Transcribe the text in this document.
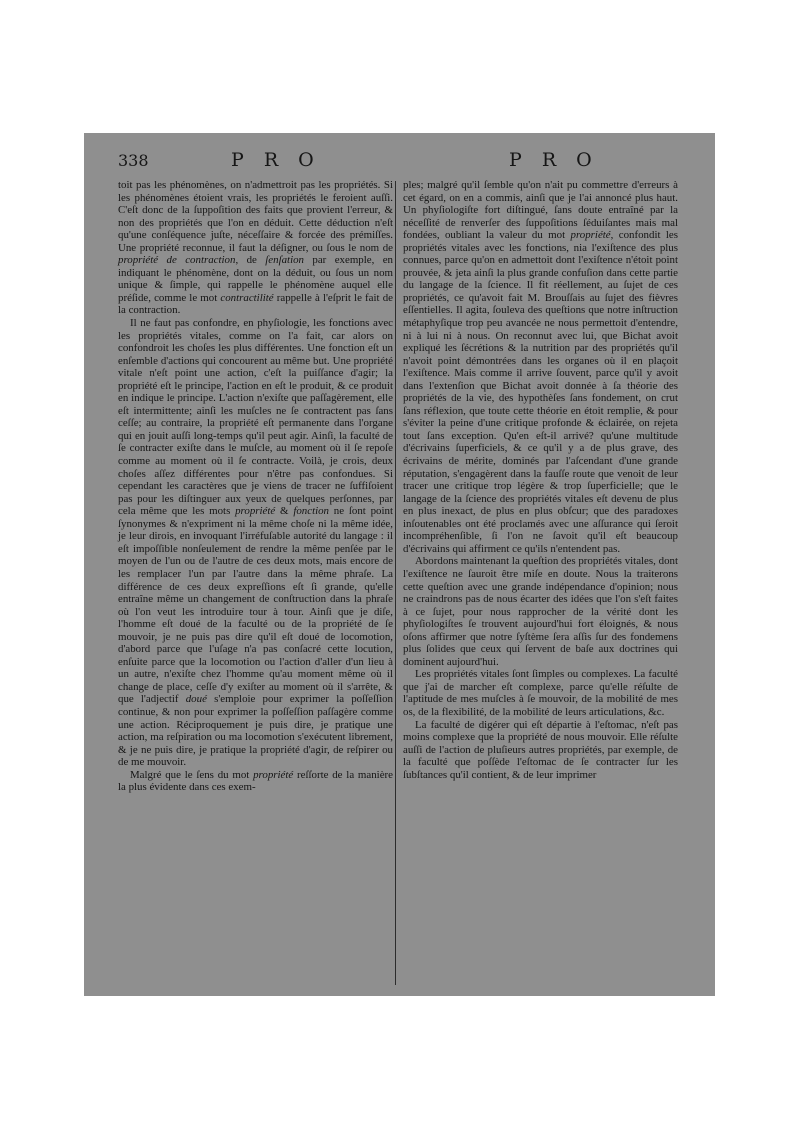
338	P R O	P R O

toit pas les phénomènes, on n'admettroit pas les propriétés. Si les phénomènes étoient vrais, les propriétés le feroient auſſi. C'eſt donc de la ſuppoſition des faits que provient l'erreur, & non des propriétés que l'on en déduit. Cette déduction n'eſt qu'une conſéquence juſte, néceſſaire & forcée des prémiſſes. Une propriété reconnue, il faut la déſigner, ou ſous le nom de propriété de contraction, de ſenſation par exemple, en indiquant le phénomène, dont on la déduit, ou ſous un nom unique & ſimple, qui rappelle le phénomène auquel elle préſide, comme le mot contractilité rappelle à l'eſprit le fait de la contraction.

Il ne faut pas confondre, en phyſiologie, les fonctions avec les propriétés vitales, comme on l'a fait, car alors on confondroit les choſes les plus différentes. Une fonction eſt un enſemble d'actions qui concourent au même but. Une propriété vitale n'eſt point une action, c'eſt la puiſſance d'agir; la propriété eſt le principe, l'action en eſt le produit, & ce produit en indique le principe. L'action n'exiſte que paſſagèrement, elle eſt intermittente; ainſi les muſcles ne ſe contractent pas ſans ceſſe; au contraire, la propriété eſt permanente dans l'organe qui en jouit auſſi long-temps qu'il peut agir. Ainſi, la faculté de ſe contracter exiſte dans le muſcle, au moment où il ſe repoſe comme au moment où il ſe contracte. Voilà, je crois, deux choſes aſſez différentes pour n'être pas confondues. Si cependant les caractères que je viens de tracer ne ſuffiſoient pas pour les diſtinguer aux yeux de quelques perſonnes, par cela même que les mots propriété & fonction ne ſont point ſynonymes & n'expriment ni la même choſe ni la même idée, je leur dirois, en invoquant l'irréfuſable autorité du langage : il eſt impoſſible nonſeulement de rendre la même penſée par le moyen de l'un ou de l'autre de ces deux mots, mais encore de les remplacer l'un par l'autre dans la même phraſe. La différence de ces deux expreſſions eſt ſi grande, qu'elle entraîne même un changement de conſtruction dans la phraſe où l'on veut les introduire tour à tour. Ainſi que je diſe, l'homme eſt doué de la faculté ou de la propriété de ſe mouvoir, je ne puis pas dire qu'il eſt doué de locomotion, d'abord parce que l'uſage n'a pas conſacré cette locution, enſuite parce que la locomotion ou l'action d'aller d'un lieu à un autre, n'exiſte chez l'homme qu'au moment même où il change de place, ceſſe d'y exiſter au moment où il s'arrête, & que l'adjectif doué s'emploie pour exprimer la poſſeſſion continue, & non pour exprimer la poſſeſſion paſſagère comme une action. Réciproquement je puis dire, je pratique une action, ma reſpiration ou ma locomotion s'exécutent librement, & je ne puis dire, je pratique la propriété d'agir, de reſpirer ou de me mouvoir.

Malgré que le ſens du mot propriété reſſorte de la manière la plus évidente dans ces exem-

ples; malgré qu'il ſemble qu'on n'ait pu commettre d'erreurs à cet égard, on en a commis, ainſi que je l'ai annoncé plus haut. Un phyſiologiſte fort diſtingué, ſans doute entraîné par la néceſſité de renverſer des ſuppoſitions ſéduiſantes mais mal fondées, oubliant la valeur du mot propriété, confondit les propriétés vitales avec les fonctions, nia l'exiſtence des plus connues, parce qu'on en admettoit dont l'exiſtence n'étoit point prouvée, & jeta ainſi la plus grande confuſion dans cette partie du langage de la ſcience. Il fit réellement, au ſujet de ces propriétés, ce qu'avoit fait M. Brouſſais au ſujet des fièvres eſſentielles. Il agita, ſouleva des queſtions que notre inſtruction métaphyſique trop peu avancée ne nous permettoit d'entendre, ni à lui ni à nous. On reconnut avec lui, que Bichat avoit expliqué les ſécrétions & la nutrition par des propriétés qu'il n'avoit point démontrées dans les organes où il en plaçoit l'exiſtence. Mais comme il arrive ſouvent, parce qu'il y avoit dans l'extenſion que Bichat avoit donnée à ſa théorie des propriétés de la vie, des hypothèſes ſans fondement, on crut ſans réflexion, que toute cette théorie en étoit remplie, & pour s'éviter la peine d'une critique profonde & éclairée, on rejeta tout ſans exception. Qu'en eſt-il arrivé? qu'une multitude d'écrivains ſuperficiels, & ce qu'il y a de plus grave, des écrivains de mérite, dominés par l'aſcendant d'une grande réputation, s'engagèrent dans la fauſſe route que venoit de leur tracer une critique trop légère & trop ſuperficielle; que le langage de la ſcience des propriétés vitales eſt devenu de plus en plus inexact, de plus en plus obſcur; que des paradoxes inſoutenables ont été proclamés avec une aſſurance qui ſeroit incompréhenſible, ſi l'on ne ſavoit qu'il eſt beaucoup d'écrivains qui affirment ce qu'ils n'entendent pas.

Abordons maintenant la queſtion des propriétés vitales, dont l'exiſtence ne ſauroit être miſe en doute. Nous la traiterons cette queſtion avec une grande indépendance d'opinion; nous ne craindrons pas de nous écarter des idées que l'on s'eſt faites à ce ſujet, pour nous rapprocher de la vérité dont les phyſiologiſtes ſe trouvent aujourd'hui fort éloignés, & nous oſons affirmer que notre ſyſtème ſera aſſis ſur des fondemens plus ſolides que ceux qui ſervent de baſe aux doctrines qui dominent aujourd'hui.

Les propriétés vitales ſont ſimples ou complexes. La faculté que j'ai de marcher eſt complexe, parce qu'elle réſulte de l'aptitude de mes muſcles à ſe mouvoir, de la mobilité de mes os, de la flexibilité, de la mobilité de leurs articulations, &c.

La faculté de digérer qui eſt départie à l'eſtomac, n'eſt pas moins complexe que la propriété de nous mouvoir. Elle réſulte auſſi de l'action de pluſieurs autres propriétés, par exemple, de la faculté que poſſède l'eſtomac de ſe contracter ſur les ſubſtances qu'il contient, & de leur imprimer
